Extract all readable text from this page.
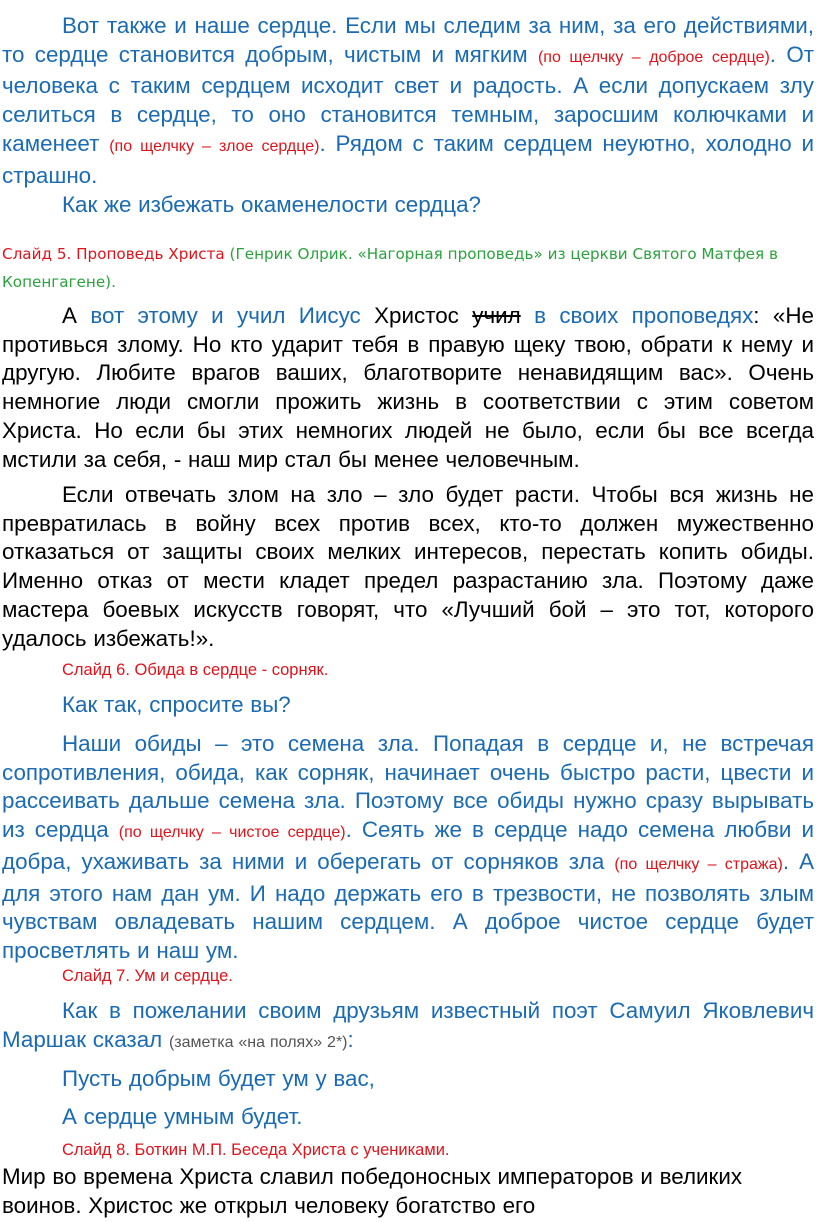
Вот также и наше сердце. Если мы следим за ним, за его действиями, то сердце становится добрым, чистым и мягким (по щелчку – доброе сердце). От человека с таким сердцем исходит свет и радость. А если допускаем злу селиться в сердце, то оно становится темным, заросшим колючками и каменеет (по щелчку – злое сердце). Рядом с таким сердцем неуютно, холодно и страшно.

Как же избежать окаменелости сердца?

Слайд 5. Проповедь Христа (Генрик Олрик. «Нагорная проповедь» из церкви Святого Матфея в Копенгагене).

А вот этому и учил Иисус Христос учил в своих проповедях: «Не противься злому. Но кто ударит тебя в правую щеку твою, обрати к нему и другую. Любите врагов ваших, благотворите ненавидящим вас». Очень немногие люди смогли прожить жизнь в соответствии с этим советом Христа. Но если бы этих немногих людей не было, если бы все всегда мстили за себя, - наш мир стал бы менее человечным.

Если отвечать злом на зло – зло будет расти. Чтобы вся жизнь не превратилась в войну всех против всех, кто-то должен мужественно отказаться от защиты своих мелких интересов, перестать копить обиды. Именно отказ от мести кладет предел разрастанию зла. Поэтому даже мастера боевых искусств говорят, что «Лучший бой – это тот, которого удалось избежать!».

Слайд 6. Обида в сердце - сорняк.

Как так, спросите вы?

Наши обиды – это семена зла. Попадая в сердце и, не встречая сопротивления, обида, как сорняк, начинает очень быстро расти, цвести и рассеивать дальше семена зла. Поэтому все обиды нужно сразу вырывать из сердца (по щелчку – чистое сердце). Сеять же в сердце надо семена любви и добра, ухаживать за ними и оберегать от сорняков зла (по щелчку – стража). А для этого нам дан ум. И надо держать его в трезвости, не позволять злым чувствам овладевать нашим сердцем. А доброе чистое сердце будет просветлять и наш ум.

Слайд 7. Ум и сердце.

Как в пожелании своим друзьям известный поэт Самуил Яковлевич Маршак сказал (заметка «на полях» 2*):

Пусть добрым будет ум у вас,

А сердце умным будет.

Слайд 8. Боткин М.П. Беседа Христа с учениками.

Мир во времена Христа славил победоносных императоров и великих воинов. Христос же открыл человеку богатство его
